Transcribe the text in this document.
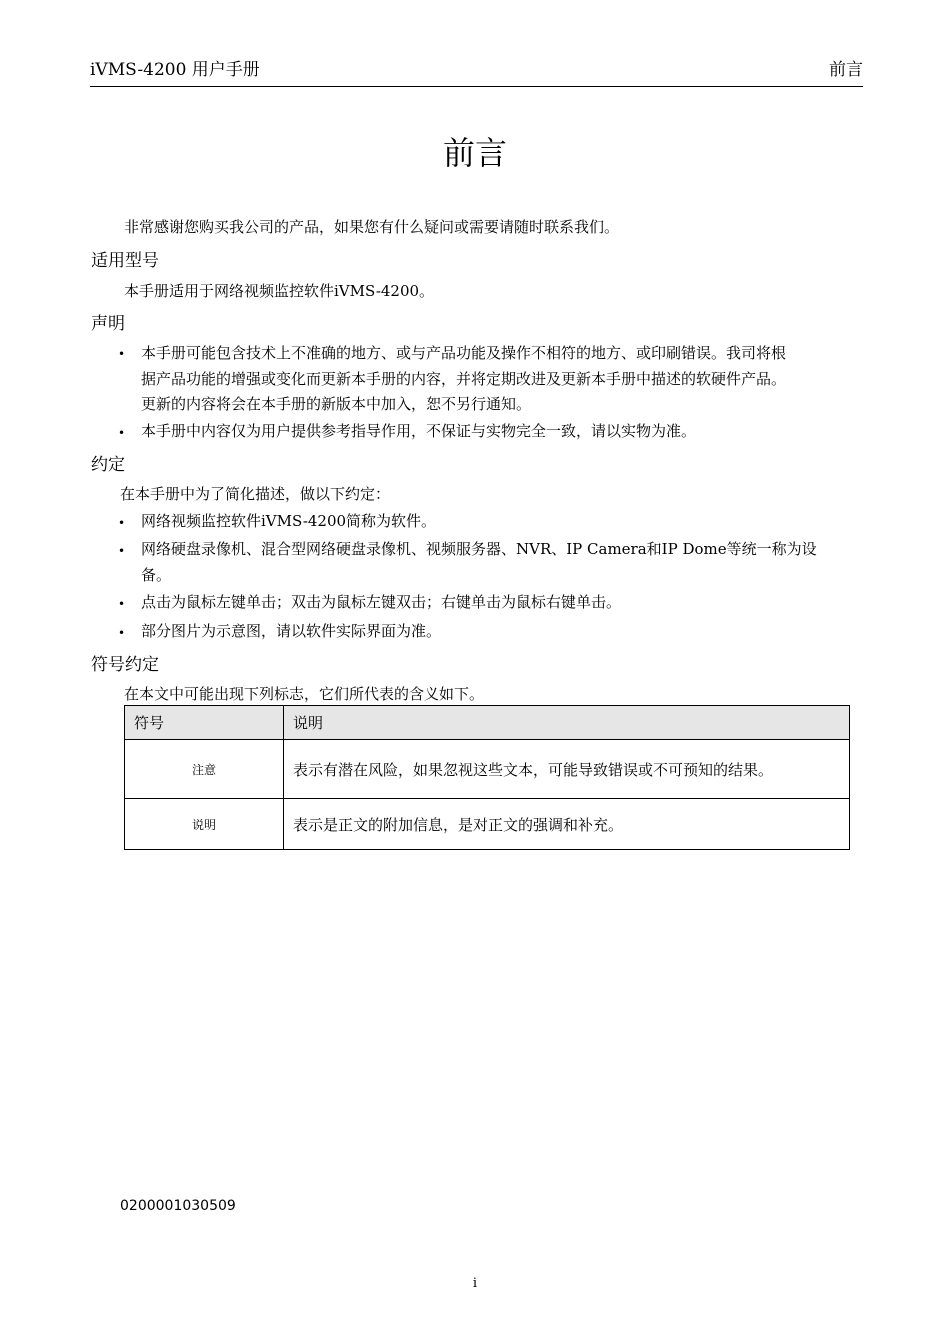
iVMS-4200 用户手册	前言
前言
非常感谢您购买我公司的产品，如果您有什么疑问或需要请随时联系我们。
适用型号
本手册适用于网络视频监控软件iVMS-4200。
声明
• 本手册可能包含技术上不准确的地方、或与产品功能及操作不相符的地方、或印刷错误。我司将根
据产品功能的增强或变化而更新本手册的内容，并将定期改进及更新本手册中描述的软硬件产品。
更新的内容将会在本手册的新版本中加入，恕不另行通知。
• 本手册中内容仅为用户提供参考指导作用，不保证与实物完全一致，请以实物为准。
约定
在本手册中为了简化描述，做以下约定：
• 网络视频监控软件iVMS-4200简称为软件。
• 网络硬盘录像机、混合型网络硬盘录像机、视频服务器、NVR、IP Camera和IP Dome等统一称为设
备。
• 点击为鼠标左键单击；双击为鼠标左键双击；右键单击为鼠标右键单击。
• 部分图片为示意图，请以软件实际界面为准。
符号约定
在本文中可能出现下列标志，它们所代表的含义如下。
符号	说明
注意	表示有潜在风险，如果忽视这些文本，可能导致错误或不可预知的结果。
说明	表示是正文的附加信息，是对正文的强调和补充。
0200001030509
i
